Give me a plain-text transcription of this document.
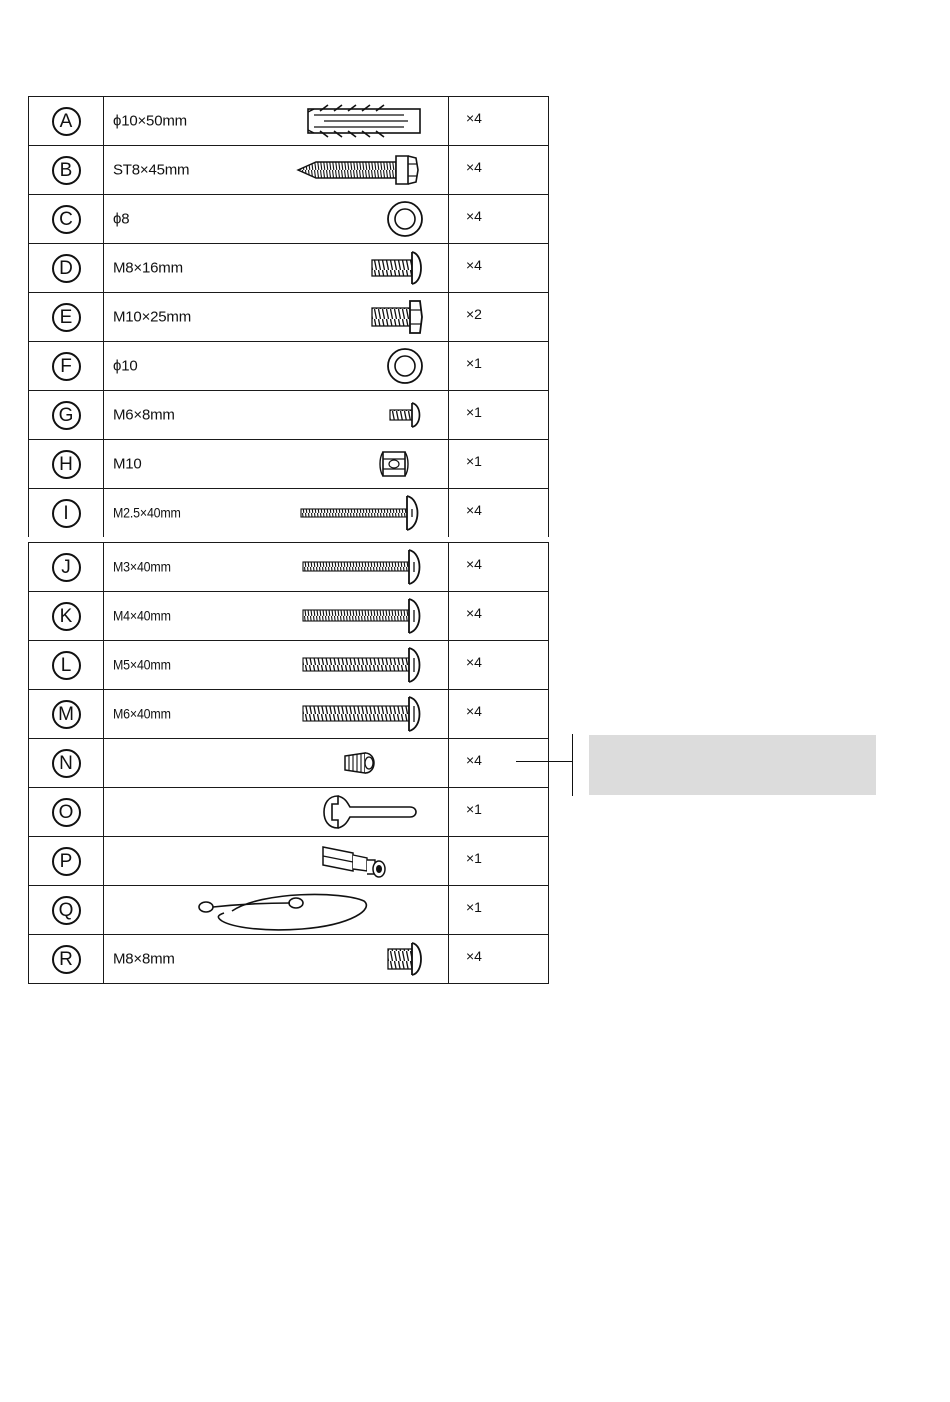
A	ϕ10×50mm	×4
B	ST8×45mm	×4
C	ϕ8	×4
D	M8×16mm	×4
E	M10×25mm	×2
F	ϕ10	×1
G	M6×8mm	×1
H	M10	×1
I	M2.5×40mm	×4
J	M3×40mm	×4
K	M4×40mm	×4
L	M5×40mm	×4
M	M6×40mm	×4
N		×4
O		×1
P		×1
Q		×1
R	M8×8mm	×4
